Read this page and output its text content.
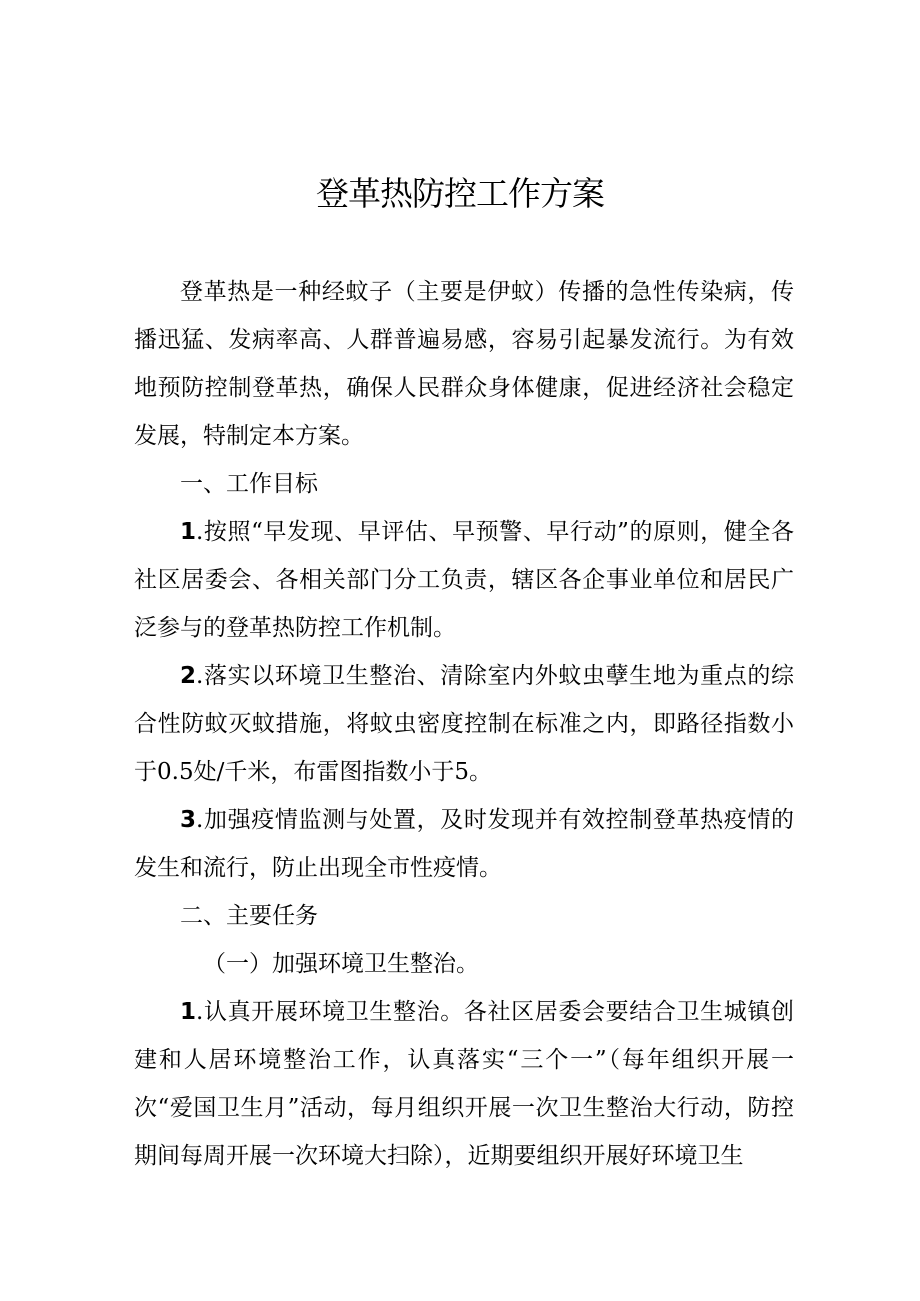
登革热防控工作方案

登革热是一种经蚊子（主要是伊蚊）传播的急性传染病，传播迅猛、发病率高、人群普遍易感，容易引起暴发流行。为有效地预防控制登革热，确保人民群众身体健康，促进经济社会稳定发展，特制定本方案。

一、工作目标

1.按照“早发现、早评估、早预警、早行动”的原则，健全各社区居委会、各相关部门分工负责，辖区各企事业单位和居民广泛参与的登革热防控工作机制。

2.落实以环境卫生整治、清除室内外蚊虫孽生地为重点的综合性防蚊灭蚊措施，将蚊虫密度控制在标准之内，即路径指数小于0.5处/千米，布雷图指数小于5。

3.加强疫情监测与处置，及时发现并有效控制登革热疫情的发生和流行，防止出现全市性疫情。

二、主要任务

（一）加强环境卫生整治。

1.认真开展环境卫生整治。各社区居委会要结合卫生城镇创建和人居环境整治工作，认真落实“三个一”（每年组织开展一次“爱国卫生月”活动，每月组织开展一次卫生整治大行动，防控期间每周开展一次环境大扫除），近期要组织开展好环境卫生
